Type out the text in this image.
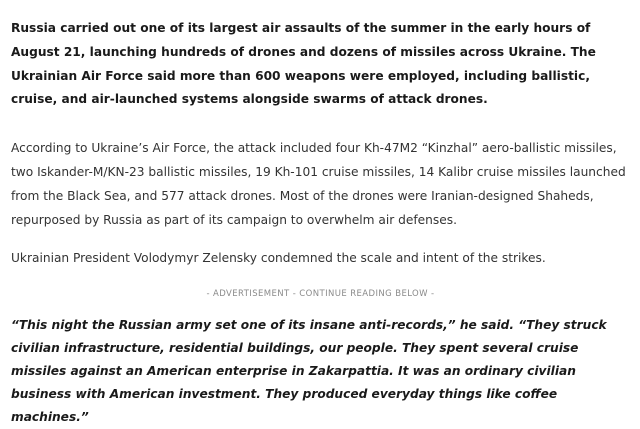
Russia carried out one of its largest air assaults of the summer in the early hours of August 21, launching hundreds of drones and dozens of missiles across Ukraine. The Ukrainian Air Force said more than 600 weapons were employed, including ballistic, cruise, and air-launched systems alongside swarms of attack drones.

According to Ukraine’s Air Force, the attack included four Kh-47M2 “Kinzhal” aero-ballistic missiles, two Iskander-M/KN-23 ballistic missiles, 19 Kh-101 cruise missiles, 14 Kalibr cruise missiles launched from the Black Sea, and 577 attack drones. Most of the drones were Iranian-designed Shaheds, repurposed by Russia as part of its campaign to overwhelm air defenses.

Ukrainian President Volodymyr Zelensky condemned the scale and intent of the strikes.

- ADVERTISEMENT - CONTINUE READING BELOW -

“This night the Russian army set one of its insane anti-records,” he said. “They struck civilian infrastructure, residential buildings, our people. They spent several cruise missiles against an American enterprise in Zakarpattia. It was an ordinary civilian business with American investment. They produced everyday things like coffee machines.”
